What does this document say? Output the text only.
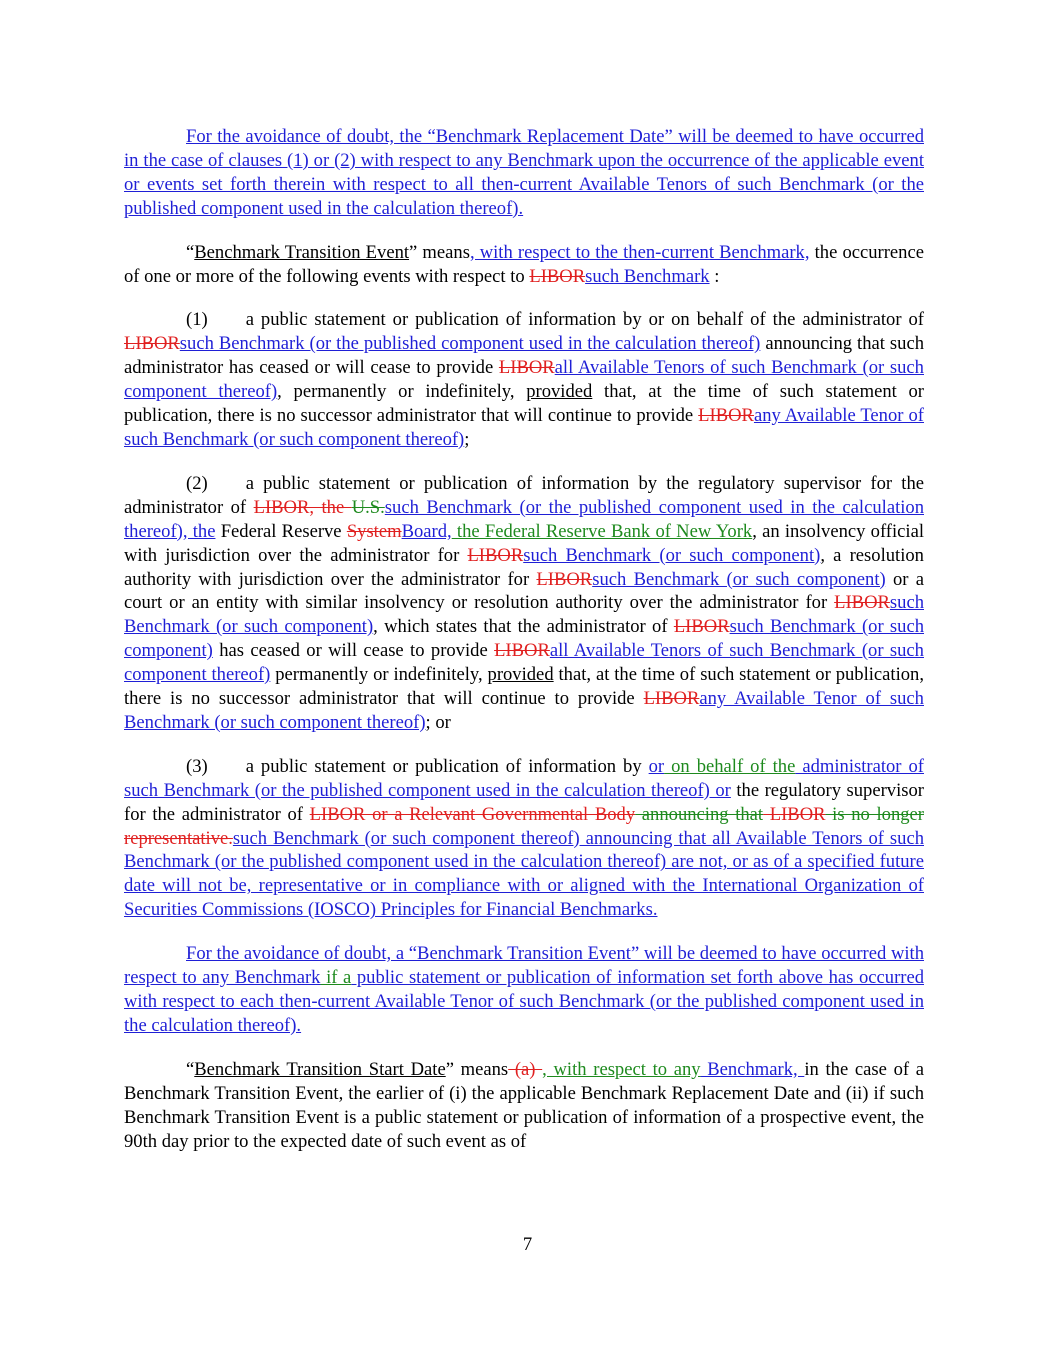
For the avoidance of doubt, the “Benchmark Replacement Date” will be deemed to have occurred in the case of clauses (1) or (2) with respect to any Benchmark upon the occurrence of the applicable event or events set forth therein with respect to all then-current Available Tenors of such Benchmark (or the published component used in the calculation thereof).

“Benchmark Transition Event” means, with respect to the then-current Benchmark, the occurrence of one or more of the following events with respect to LIBORsuch Benchmark :

(1) a public statement or publication of information by or on behalf of the administrator of LIBORsuch Benchmark (or the published component used in the calculation thereof) announcing that such administrator has ceased or will cease to provide LIBORall Available Tenors of such Benchmark (or such component thereof), permanently or indefinitely, provided that, at the time of such statement or publication, there is no successor administrator that will continue to provide LIBORany Available Tenor of such Benchmark (or such component thereof);

(2) a public statement or publication of information by the regulatory supervisor for the administrator of LIBOR, the U.S.such Benchmark (or the published component used in the calculation thereof), the Federal Reserve SystemBoard, the Federal Reserve Bank of New York, an insolvency official with jurisdiction over the administrator for LIBORsuch Benchmark (or such component), a resolution authority with jurisdiction over the administrator for LIBORsuch Benchmark (or such component) or a court or an entity with similar insolvency or resolution authority over the administrator for LIBORsuch Benchmark (or such component), which states that the administrator of LIBORsuch Benchmark (or such component) has ceased or will cease to provide LIBORall Available Tenors of such Benchmark (or such component thereof) permanently or indefinitely, provided that, at the time of such statement or publication, there is no successor administrator that will continue to provide LIBORany Available Tenor of such Benchmark (or such component thereof); or

(3) a public statement or publication of information by or on behalf of the administrator of such Benchmark (or the published component used in the calculation thereof) or the regulatory supervisor for the administrator of LIBOR or a Relevant Governmental Body announcing that LIBOR is no longer representative.such Benchmark (or such component thereof) announcing that all Available Tenors of such Benchmark (or the published component used in the calculation thereof) are not, or as of a specified future date will not be, representative or in compliance with or aligned with the International Organization of Securities Commissions (IOSCO) Principles for Financial Benchmarks.

For the avoidance of doubt, a “Benchmark Transition Event” will be deemed to have occurred with respect to any Benchmark if a public statement or publication of information set forth above has occurred with respect to each then-current Available Tenor of such Benchmark (or the published component used in the calculation thereof).

“Benchmark Transition Start Date” means (a) , with respect to any Benchmark, in the case of a Benchmark Transition Event, the earlier of (i) the applicable Benchmark Replacement Date and (ii) if such Benchmark Transition Event is a public statement or publication of information of a prospective event, the 90th day prior to the expected date of such event as of

7
